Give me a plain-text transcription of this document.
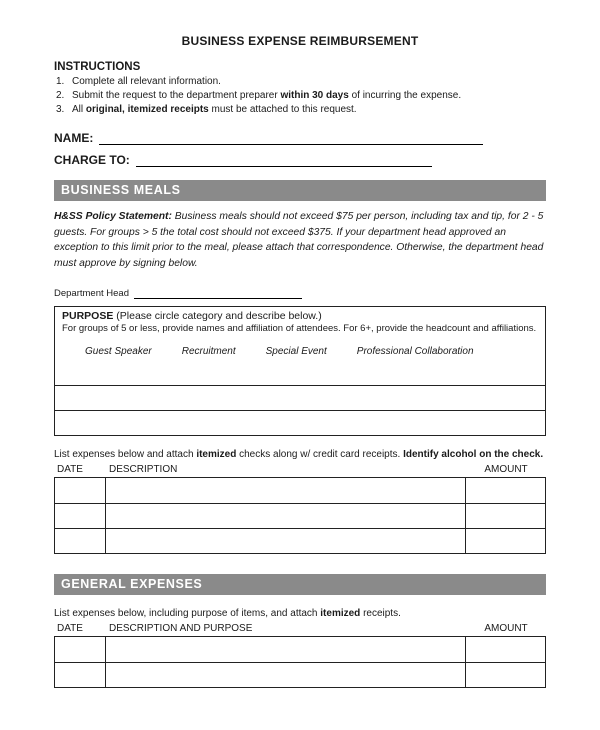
BUSINESS EXPENSE REIMBURSEMENT
INSTRUCTIONS
1. Complete all relevant information.
2. Submit the request to the department preparer within 30 days of incurring the expense.
3. All original, itemized receipts must be attached to this request.
NAME:
CHARGE TO:
BUSINESS MEALS
H&SS Policy Statement: Business meals should not exceed $75 per person, including tax and tip, for 2 - 5 guests. For groups > 5 the total cost should not exceed $375. If your department head approved an exception to this limit prior to the meal, please attach that correspondence. Otherwise, the department head must approve by signing below.
Department Head
PURPOSE (Please circle category and describe below.)
For groups of 5 or less, provide names and affiliation of attendees. For 6+, provide the headcount and affiliations.
Guest Speaker	Recruitment	Special Event	Professional Collaboration
List expenses below and attach itemized checks along w/ credit card receipts. Identify alcohol on the check.
DATE	DESCRIPTION	AMOUNT
GENERAL EXPENSES
List expenses below, including purpose of items, and attach itemized receipts.
DATE	DESCRIPTION AND PURPOSE	AMOUNT
